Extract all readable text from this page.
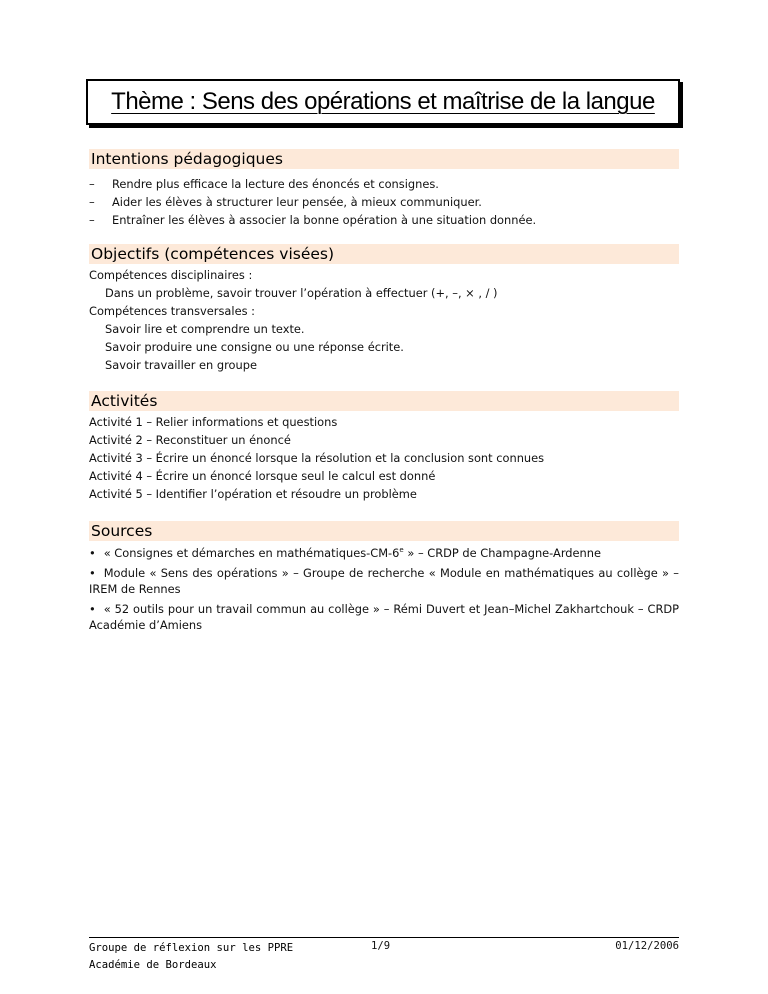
Thème : Sens des opérations et maîtrise de la langue
Intentions pédagogiques
– Rendre plus efficace la lecture des énoncés et consignes.
– Aider les élèves à structurer leur pensée, à mieux communiquer.
– Entraîner les élèves à associer la bonne opération à une situation donnée.
Objectifs (compétences visées)

Compétences disciplinaires :

Dans un problème, savoir trouver l’opération à effectuer (+, –, × , / )

Compétences transversales :

Savoir lire et comprendre un texte.

Savoir produire une consigne ou une réponse écrite.

Savoir travailler en groupe

Activités

Activité 1 – Relier informations et questions

Activité 2 – Reconstituer un énoncé

Activité 3 – Écrire un énoncé lorsque la résolution et la conclusion sont connues

Activité 4 – Écrire un énoncé lorsque seul le calcul est donné

Activité 5 – Identifier l’opération et résoudre un problème

Sources

• « Consignes et démarches en mathématiques-CM-6e » – CRDP de Champagne-Ardenne

• Module « Sens des opérations » – Groupe de recherche « Module en mathématiques au collège » – IREM de Rennes

• « 52 outils pour un travail commun au collège » – Rémi Duvert et Jean–Michel Zakhartchouk – CRDP Académie d’Amiens

Groupe de réflexion sur les PPRE
Académie de Bordeaux
1/9	01/12/2006
